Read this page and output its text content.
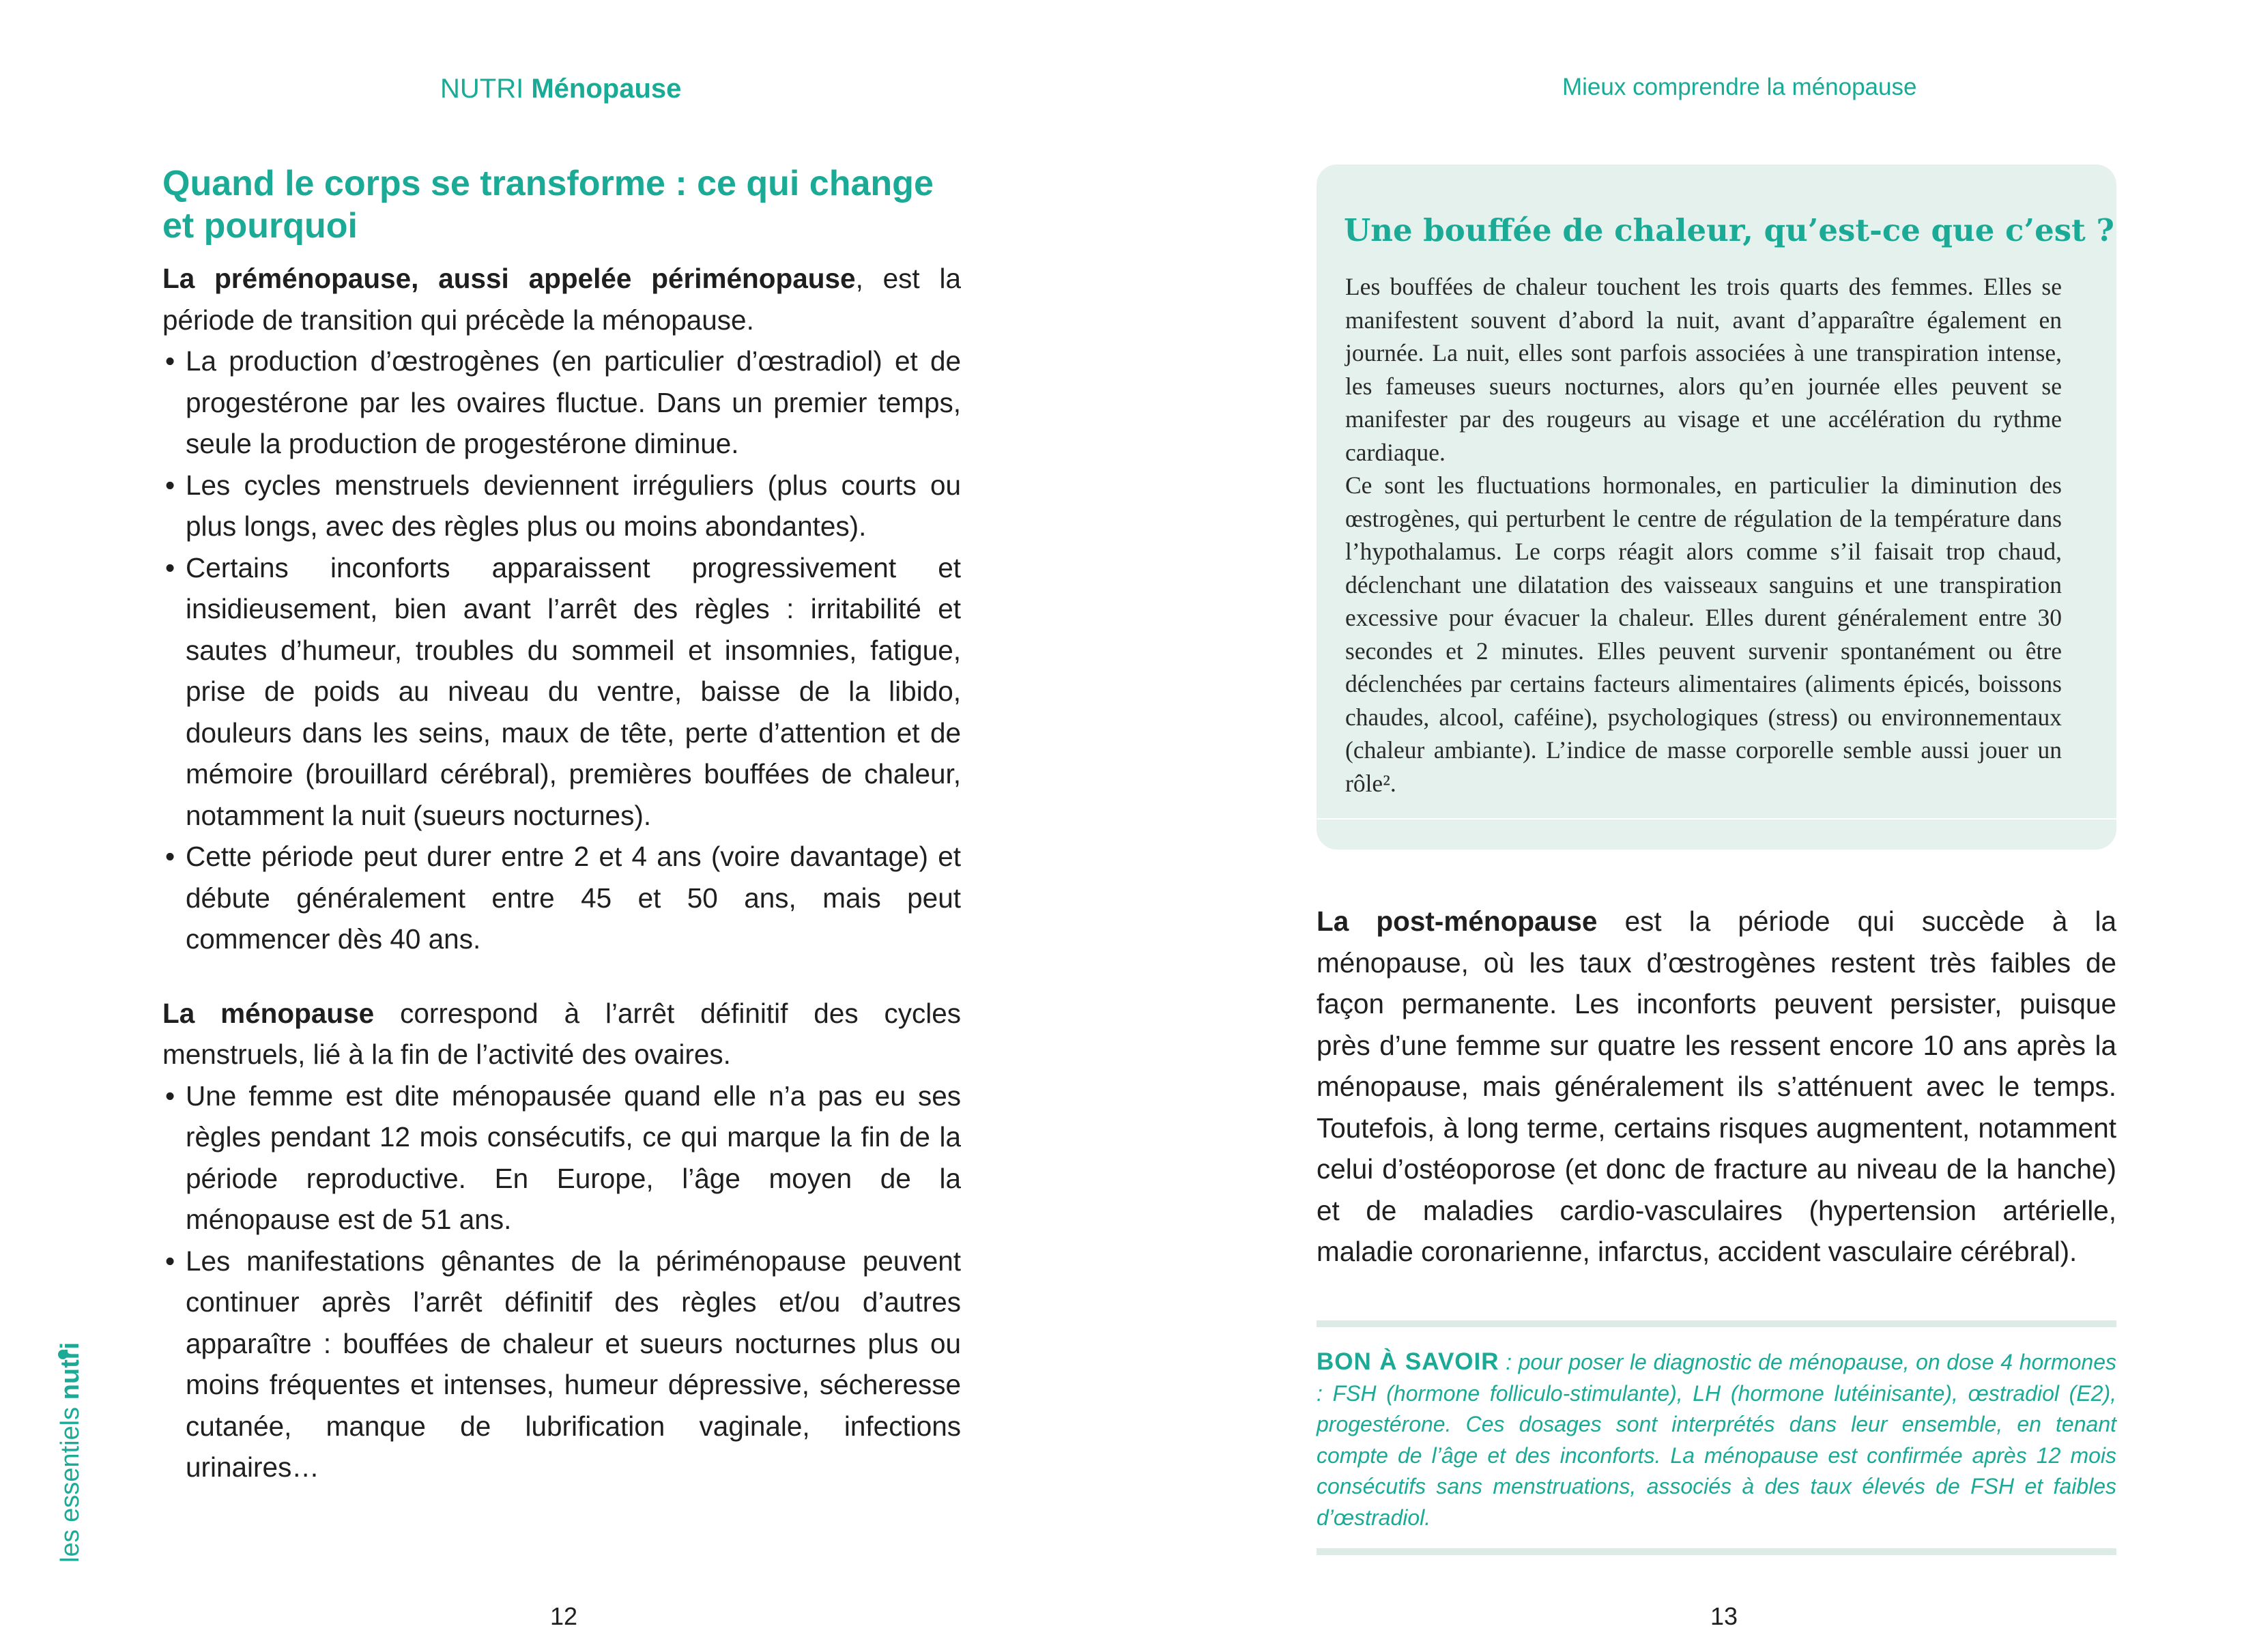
NUTRI Ménopause
Quand le corps se transforme : ce qui change et pourquoi

La préménopause, aussi appelée périménopause, est la période de transition qui précède la ménopause.

• La production d’œstrogènes (en particulier d’œstradiol) et de progestérone par les ovaires fluctue. Dans un premier temps, seule la production de progestérone diminue.
• Les cycles menstruels deviennent irréguliers (plus courts ou plus longs, avec des règles plus ou moins abondantes).
• Certains inconforts apparaissent progressivement et insidieusement, bien avant l’arrêt des règles : irritabilité et sautes d’humeur, troubles du sommeil et insomnies, fatigue, prise de poids au niveau du ventre, baisse de la libido, douleurs dans les seins, maux de tête, perte d’attention et de mémoire (brouillard cérébral), premières bouffées de chaleur, notamment la nuit (sueurs nocturnes).
• Cette période peut durer entre 2 et 4 ans (voire davantage) et débute généralement entre 45 et 50 ans, mais peut commencer dès 40 ans.

La ménopause correspond à l’arrêt définitif des cycles menstruels, lié à la fin de l’activité des ovaires.

• Une femme est dite ménopausée quand elle n’a pas eu ses règles pendant 12 mois consécutifs, ce qui marque la fin de la période reproductive. En Europe, l’âge moyen de la ménopause est de 51 ans.
• Les manifestations gênantes de la périménopause peuvent continuer après l’arrêt définitif des règles et/ou d’autres apparaître : bouffées de chaleur et sueurs nocturnes plus ou moins fréquentes et intenses, humeur dépressive, sécheresse cutanée, manque de lubrification vaginale, infections urinaires…
les essentiels nutri
12
Mieux comprendre la ménopause
Une bouffée de chaleur, qu’est-ce que c’est ?
Les bouffées de chaleur touchent les trois quarts des femmes. Elles se manifestent souvent d’abord la nuit, avant d’apparaître également en journée. La nuit, elles sont parfois associées à une transpiration intense, les fameuses sueurs nocturnes, alors qu’en journée elles peuvent se manifester par des rougeurs au visage et une accélération du rythme cardiaque.
Ce sont les fluctuations hormonales, en particulier la diminution des œstrogènes, qui perturbent le centre de régulation de la température dans l’hypothalamus. Le corps réagit alors comme s’il faisait trop chaud, déclenchant une dilatation des vaisseaux sanguins et une transpiration excessive pour évacuer la chaleur. Elles durent généralement entre 30 secondes et 2 minutes. Elles peuvent survenir spontanément ou être déclenchées par certains facteurs alimentaires (aliments épicés, boissons chaudes, alcool, caféine), psychologiques (stress) ou environnementaux (chaleur ambiante). L’indice de masse corporelle semble aussi jouer un rôle².

La post-ménopause est la période qui succède à la ménopause, où les taux d’œstrogènes restent très faibles de façon permanente. Les inconforts peuvent persister, puisque près d’une femme sur quatre les ressent encore 10 ans après la ménopause, mais généralement ils s’atténuent avec le temps. Toutefois, à long terme, certains risques augmentent, notamment celui d’ostéoporose (et donc de fracture au niveau de la hanche) et de maladies cardio-vasculaires (hypertension artérielle, maladie coronarienne, infarctus, accident vasculaire cérébral).

BON À SAVOIR : pour poser le diagnostic de ménopause, on dose 4 hormones : FSH (hormone folliculo-stimulante), LH (hormone lutéinisante), œstradiol (E2), progestérone. Ces dosages sont interprétés dans leur ensemble, en tenant compte de l’âge et des inconforts. La ménopause est confirmée après 12 mois consécutifs sans menstruations, associés à des taux élevés de FSH et faibles d’œstradiol.

13
